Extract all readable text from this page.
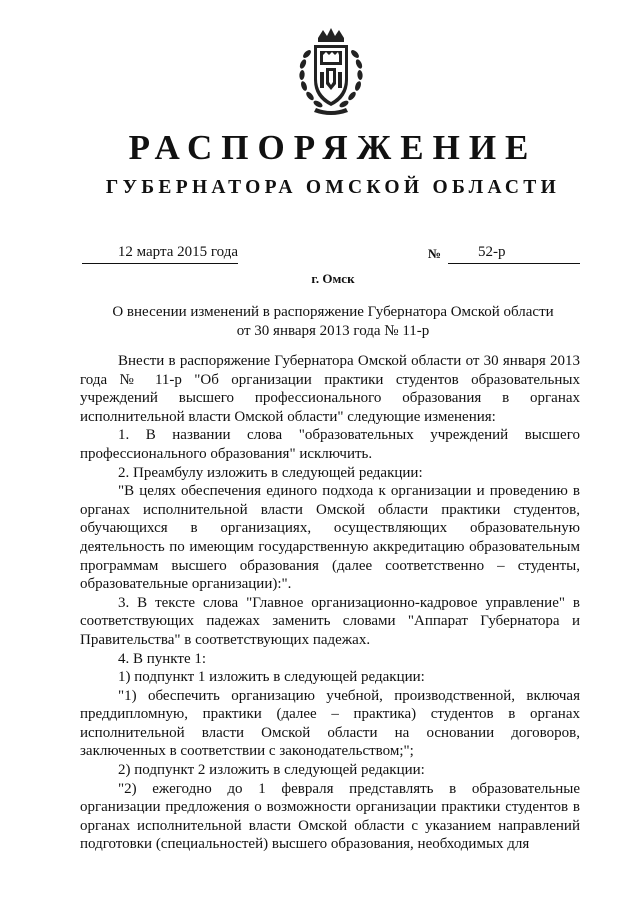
РАСПОРЯЖЕНИЕ
ГУБЕРНАТОРА ОМСКОЙ ОБЛАСТИ
12 марта 2015 года	№	52-р
г. Омск
О внесении изменений в распоряжение Губернатора Омской области
от 30 января 2013 года № 11-р

Внести в распоряжение Губернатора Омской области от 30 января 2013 года № 11-р "Об организации практики студентов образовательных учреждений высшего профессионального образования в органах исполнительной власти Омской области" следующие изменения:

1. В названии слова "образовательных учреждений высшего профессионального образования" исключить.

2. Преамбулу изложить в следующей редакции:

"В целях обеспечения единого подхода к организации и проведению в органах исполнительной власти Омской области практики студентов, обучающихся в организациях, осуществляющих образовательную деятельность по имеющим государственную аккредитацию образовательным программам высшего образования (далее соответственно – студенты, образовательные организации):".

3. В тексте слова "Главное организационно-кадровое управление" в соответствующих падежах заменить словами "Аппарат Губернатора и Правительства" в соответствующих падежах.

4. В пункте 1:

1) подпункт 1 изложить в следующей редакции:

"1) обеспечить организацию учебной, производственной, включая преддипломную, практики (далее – практика) студентов в органах исполнительной власти Омской области на основании договоров, заключенных в соответствии с законодательством;";

2) подпункт 2 изложить в следующей редакции:

"2) ежегодно до 1 февраля представлять в образовательные организации предложения о возможности организации практики студентов в органах исполнительной власти Омской области с указанием направлений подготовки (специальностей) высшего образования, необходимых для
